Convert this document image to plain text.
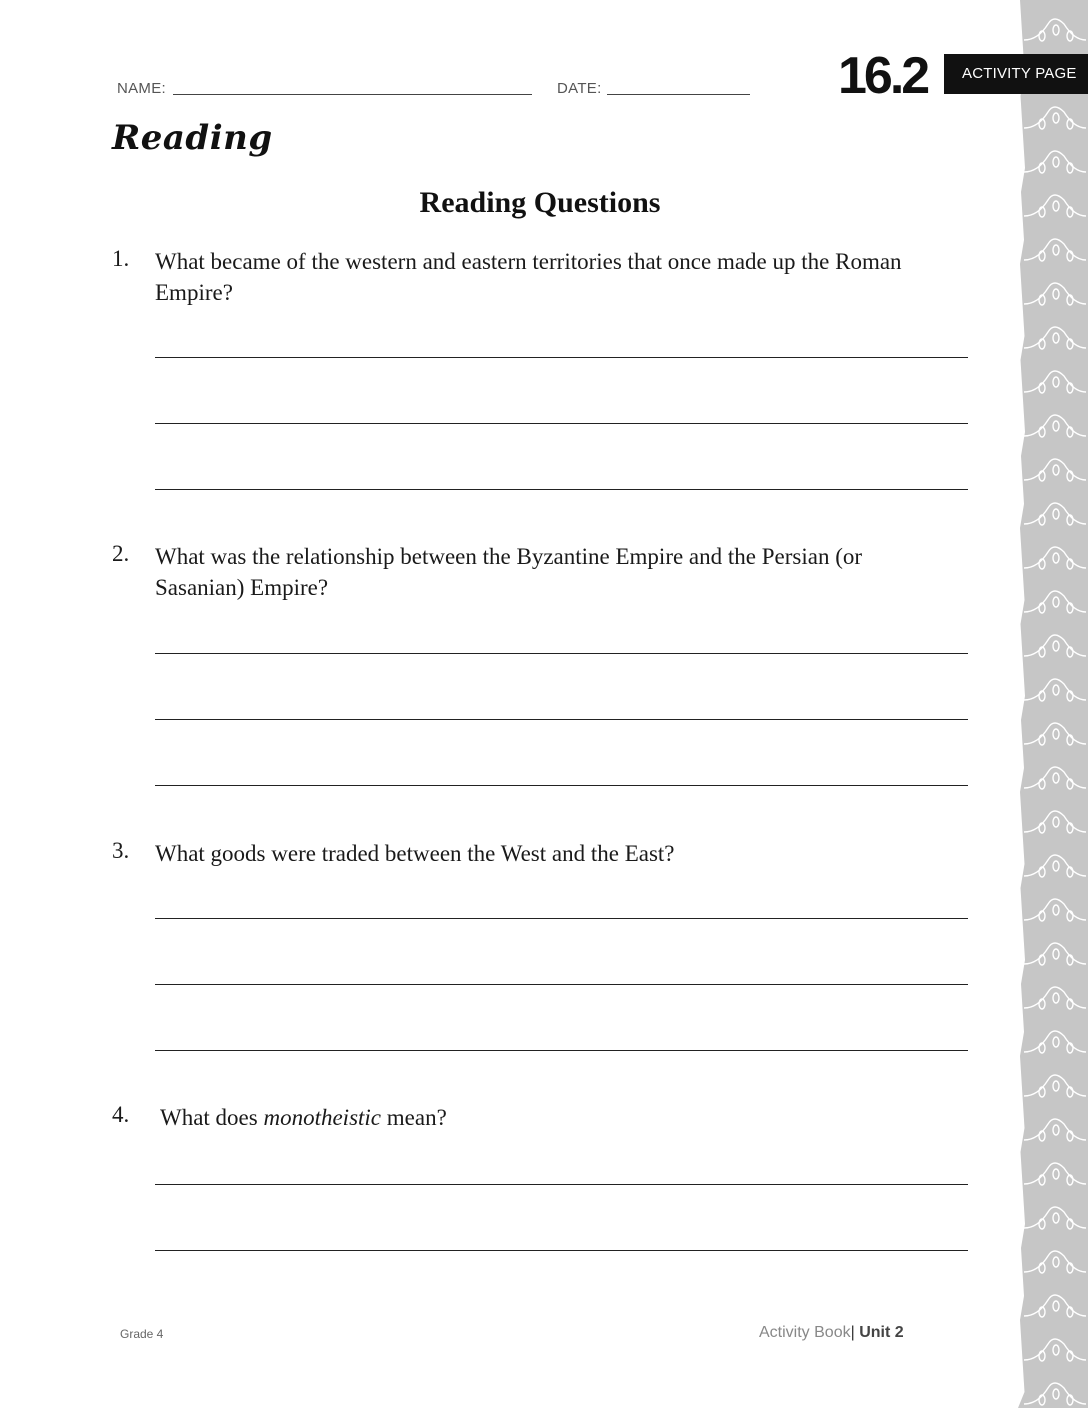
NAME:	DATE:	16.2	ACTIVITY PAGE
Reading
Reading Questions
1. What became of the western and eastern territories that once made up the Roman Empire?
2. What was the relationship between the Byzantine Empire and the Persian (or Sasanian) Empire?
3. What goods were traded between the West and the East?
4. What does monotheistic mean?
Grade 4	Activity Book| Unit 2
